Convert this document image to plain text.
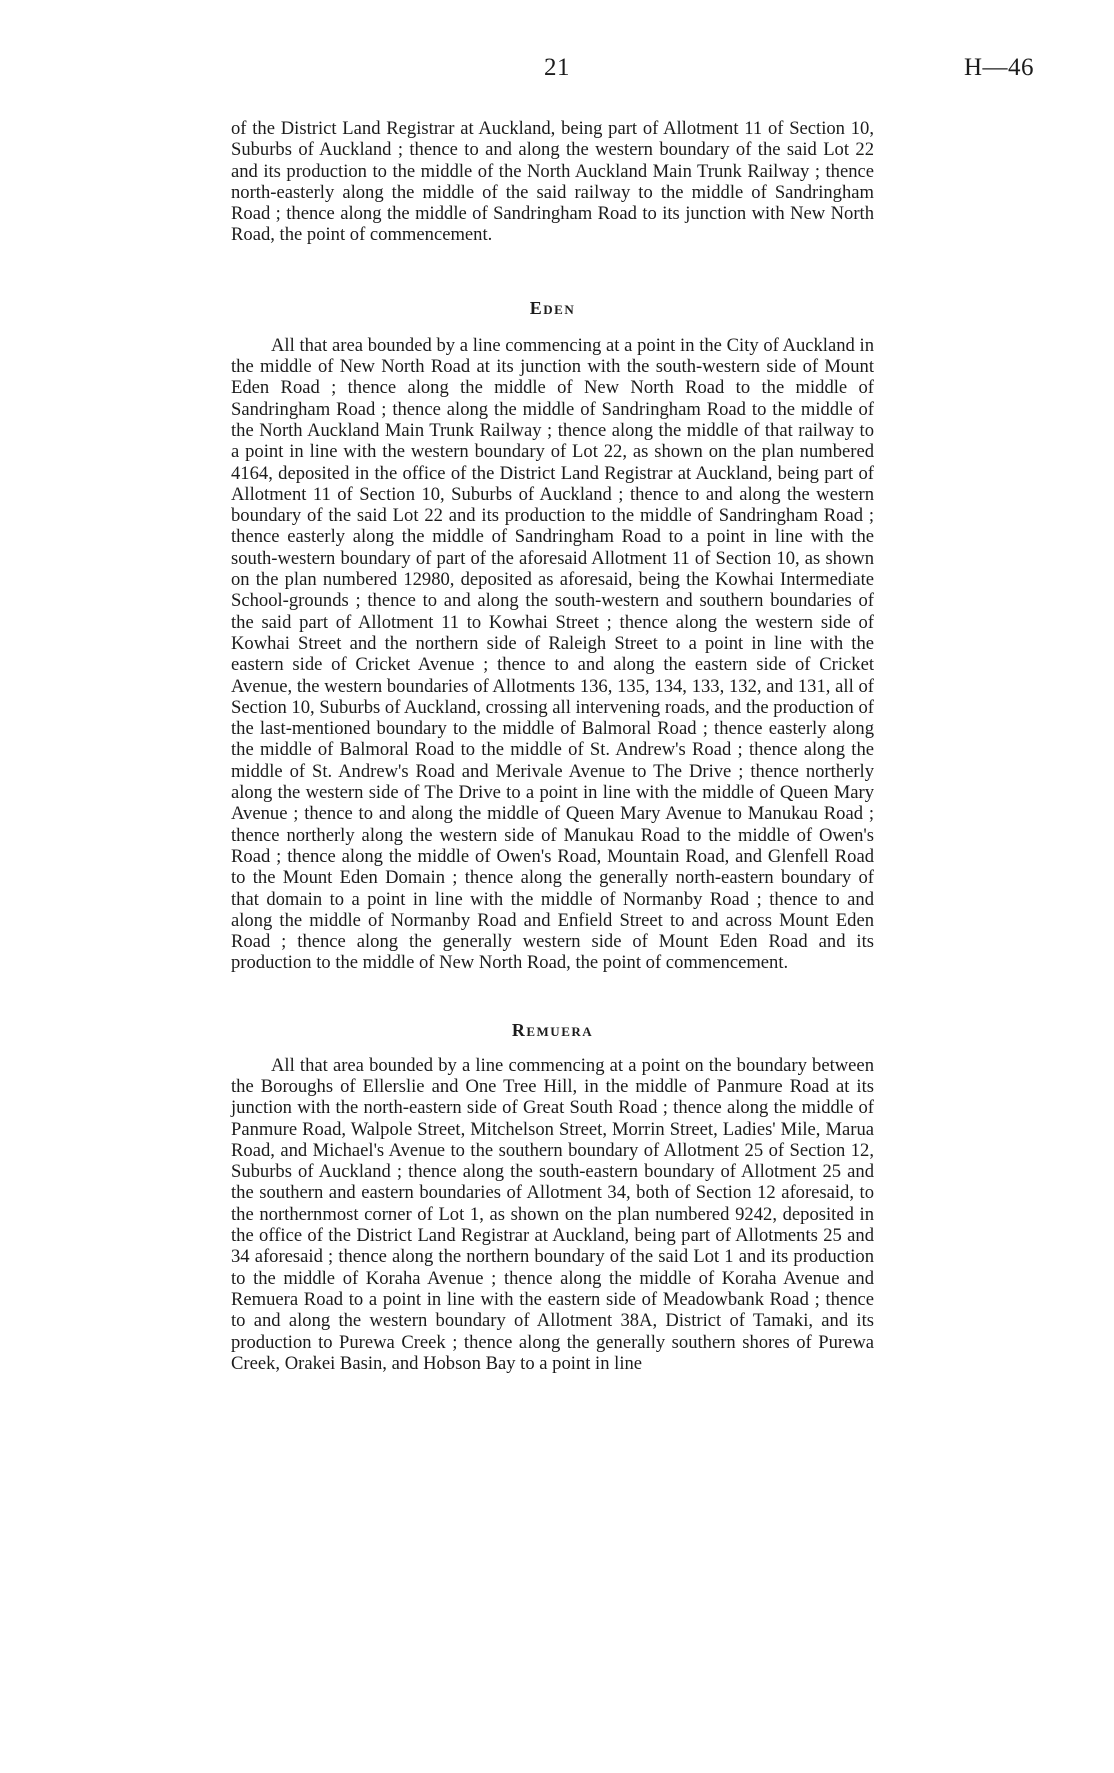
21	H—46

of the District Land Registrar at Auckland, being part of Allotment 11 of Section 10, Suburbs of Auckland ; thence to and along the western boundary of the said Lot 22 and its production to the middle of the North Auckland Main Trunk Railway ; thence north-easterly along the middle of the said railway to the middle of Sandringham Road ; thence along the middle of Sandringham Road to its junction with New North Road, the point of commencement.

Eden

All that area bounded by a line commencing at a point in the City of Auckland in the middle of New North Road at its junction with the south-western side of Mount Eden Road ; thence along the middle of New North Road to the middle of Sandringham Road ; thence along the middle of Sandringham Road to the middle of the North Auckland Main Trunk Railway ; thence along the middle of that railway to a point in line with the western boundary of Lot 22, as shown on the plan numbered 4164, deposited in the office of the District Land Registrar at Auckland, being part of Allotment 11 of Section 10, Suburbs of Auckland ; thence to and along the western boundary of the said Lot 22 and its production to the middle of Sandringham Road ; thence easterly along the middle of Sandringham Road to a point in line with the south-western boundary of part of the aforesaid Allotment 11 of Section 10, as shown on the plan numbered 12980, deposited as aforesaid, being the Kowhai Intermediate School-grounds ; thence to and along the south-western and southern boundaries of the said part of Allotment 11 to Kowhai Street ; thence along the western side of Kowhai Street and the northern side of Raleigh Street to a point in line with the eastern side of Cricket Avenue ; thence to and along the eastern side of Cricket Avenue, the western boundaries of Allotments 136, 135, 134, 133, 132, and 131, all of Section 10, Suburbs of Auckland, crossing all intervening roads, and the production of the last-mentioned boundary to the middle of Balmoral Road ; thence easterly along the middle of Balmoral Road to the middle of St. Andrew's Road ; thence along the middle of St. Andrew's Road and Merivale Avenue to The Drive ; thence northerly along the western side of The Drive to a point in line with the middle of Queen Mary Avenue ; thence to and along the middle of Queen Mary Avenue to Manukau Road ; thence northerly along the western side of Manukau Road to the middle of Owen's Road ; thence along the middle of Owen's Road, Mountain Road, and Glenfell Road to the Mount Eden Domain ; thence along the generally north-eastern boundary of that domain to a point in line with the middle of Normanby Road ; thence to and along the middle of Normanby Road and Enfield Street to and across Mount Eden Road ; thence along the generally western side of Mount Eden Road and its production to the middle of New North Road, the point of commencement.

Remuera

All that area bounded by a line commencing at a point on the boundary between the Boroughs of Ellerslie and One Tree Hill, in the middle of Panmure Road at its junction with the north-eastern side of Great South Road ; thence along the middle of Panmure Road, Walpole Street, Mitchelson Street, Morrin Street, Ladies' Mile, Marua Road, and Michael's Avenue to the southern boundary of Allotment 25 of Section 12, Suburbs of Auckland ; thence along the south-eastern boundary of Allotment 25 and the southern and eastern boundaries of Allotment 34, both of Section 12 aforesaid, to the northernmost corner of Lot 1, as shown on the plan numbered 9242, deposited in the office of the District Land Registrar at Auckland, being part of Allotments 25 and 34 aforesaid ; thence along the northern boundary of the said Lot 1 and its production to the middle of Koraha Avenue ; thence along the middle of Koraha Avenue and Remuera Road to a point in line with the eastern side of Meadowbank Road ; thence to and along the western boundary of Allotment 38A, District of Tamaki, and its production to Purewa Creek ; thence along the generally southern shores of Purewa Creek, Orakei Basin, and Hobson Bay to a point in line
